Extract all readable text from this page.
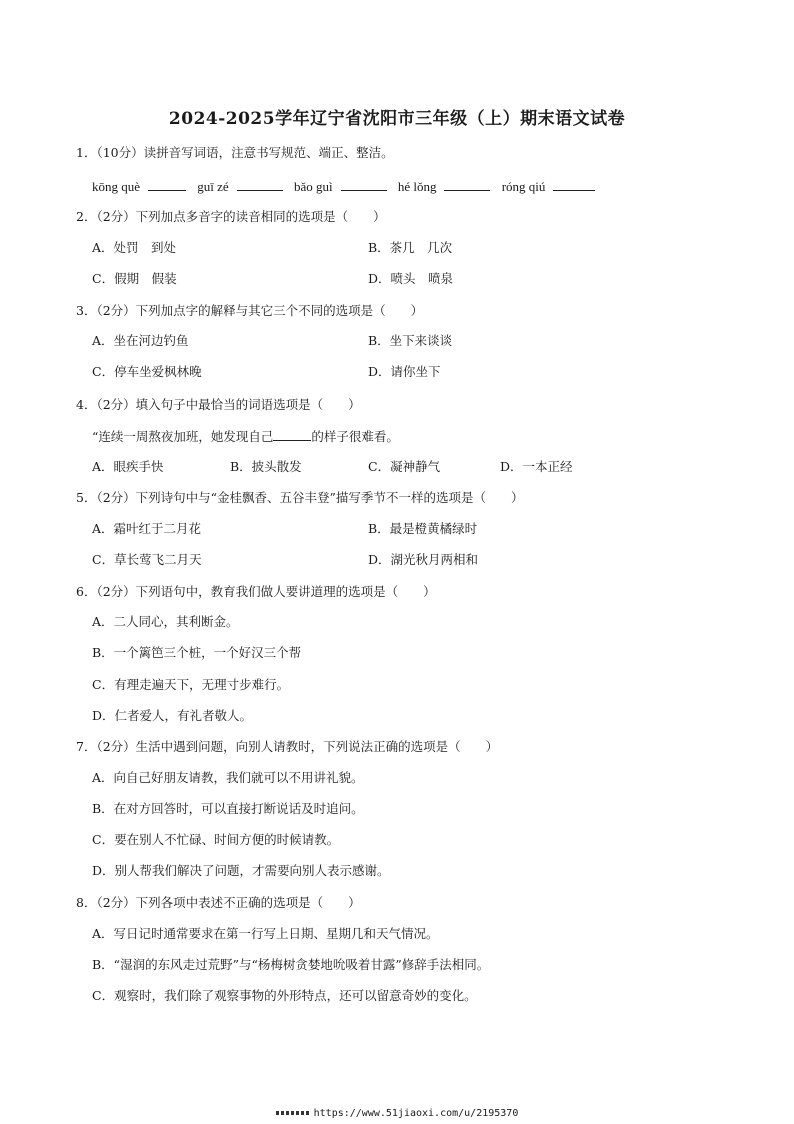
2024-2025学年辽宁省沈阳市三年级（上）期末语文试卷
1．（10分）读拼音写词语，注意书写规范、端正、整洁。
kōng què	guī zé	bǎo guì	hé lǒng	róng qiú
2．（2分）下列加点多音字的读音相同的选项是（　　）
A．处罚　到处	B．茶几　几次
C．假期　假装	D．喷头　喷泉
3．（2分）下列加点字的解释与其它三个不同的选项是（　　）
A．坐在河边钓鱼	B．坐下来谈谈
C．停车坐爱枫林晚	D．请你坐下
4．（2分）填入句子中最恰当的词语选项是（　　）
“连续一周熬夜加班，她发现自己	的样子很难看。
A．眼疾手快	B．披头散发	C．凝神静气	D．一本正经
5．（2分）下列诗句中与“金桂飘香、五谷丰登”描写季节不一样的选项是（　　）
A．霜叶红于二月花	B．最是橙黄橘绿时
C．草长莺飞二月天	D．湖光秋月两相和
6．（2分）下列语句中，教育我们做人要讲道理的选项是（　　）
A．二人同心，其利断金。
B．一个篱笆三个桩，一个好汉三个帮
C．有理走遍天下，无理寸步难行。
D．仁者爱人，有礼者敬人。
7．（2分）生活中遇到问题，向别人请教时，下列说法正确的选项是（　　）
A．向自己好朋友请教，我们就可以不用讲礼貌。
B．在对方回答时，可以直接打断说话及时追问。
C．要在别人不忙碌、时间方便的时候请教。
D．别人帮我们解决了问题，才需要向别人表示感谢。
8．（2分）下列各项中表述不正确的选项是（　　）
A．写日记时通常要求在第一行写上日期、星期几和天气情况。
B．“湿润的东风走过荒野”与“杨梅树贪婪地吮吸着甘露”修辞手法相同。
C．观察时，我们除了观察事物的外形特点，还可以留意奇妙的变化。
https://www.51jiaoxi.com/u/2195370
